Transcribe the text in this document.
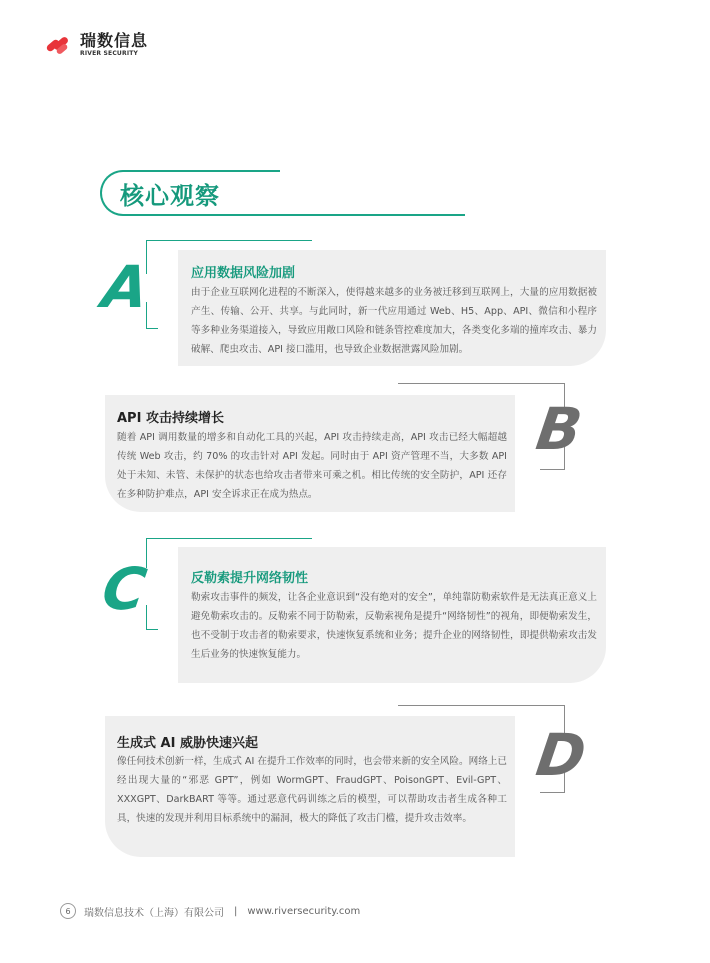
瑞数信息
RIVER SECURITY
核心观察
A	应用数据风险加剧
由于企业互联网化进程的不断深入，使得越来越多的业务被迁移到互联网上，大量的应用数据被产生、传输、公开、共享。与此同时，新一代应用通过 Web、H5、App、API、微信和小程序等多种业务渠道接入，导致应用敞口风险和链条管控难度加大，各类变化多端的撞库攻击、暴力破解、爬虫攻击、API 接口滥用，也导致企业数据泄露风险加剧。
B
API 攻击持续增长
随着 API 调用数量的增多和自动化工具的兴起，API 攻击持续走高，API 攻击已经大幅超越传统 Web 攻击，约 70% 的攻击针对 API 发起。同时由于 API 资产管理不当，大多数 API 处于未知、未管、未保护的状态也给攻击者带来可乘之机。相比传统的安全防护，API 还存在多种防护难点，API 安全诉求正在成为热点。
C	反勒索提升网络韧性
勒索攻击事件的频发，让各企业意识到“没有绝对的安全”，单纯靠防勒索软件是无法真正意义上避免勒索攻击的。反勒索不同于防勒索，反勒索视角是提升“网络韧性”的视角，即便勒索发生，也不受制于攻击者的勒索要求，快速恢复系统和业务；提升企业的网络韧性，即提供勒索攻击发生后业务的快速恢复能力。
D
生成式 AI 威胁快速兴起
像任何技术创新一样，生成式 AI 在提升工作效率的同时，也会带来新的安全风险。网络上已经出现大量的“邪恶 GPT”，例如 WormGPT、FraudGPT、PoisonGPT、Evil-GPT、XXXGPT、DarkBART 等等。通过恶意代码训练之后的模型，可以帮助攻击者生成各种工具，快速的发现并利用目标系统中的漏洞，极大的降低了攻击门槛，提升攻击效率。
6	瑞数信息技术（上海）有限公司 | www.riversecurity.com
